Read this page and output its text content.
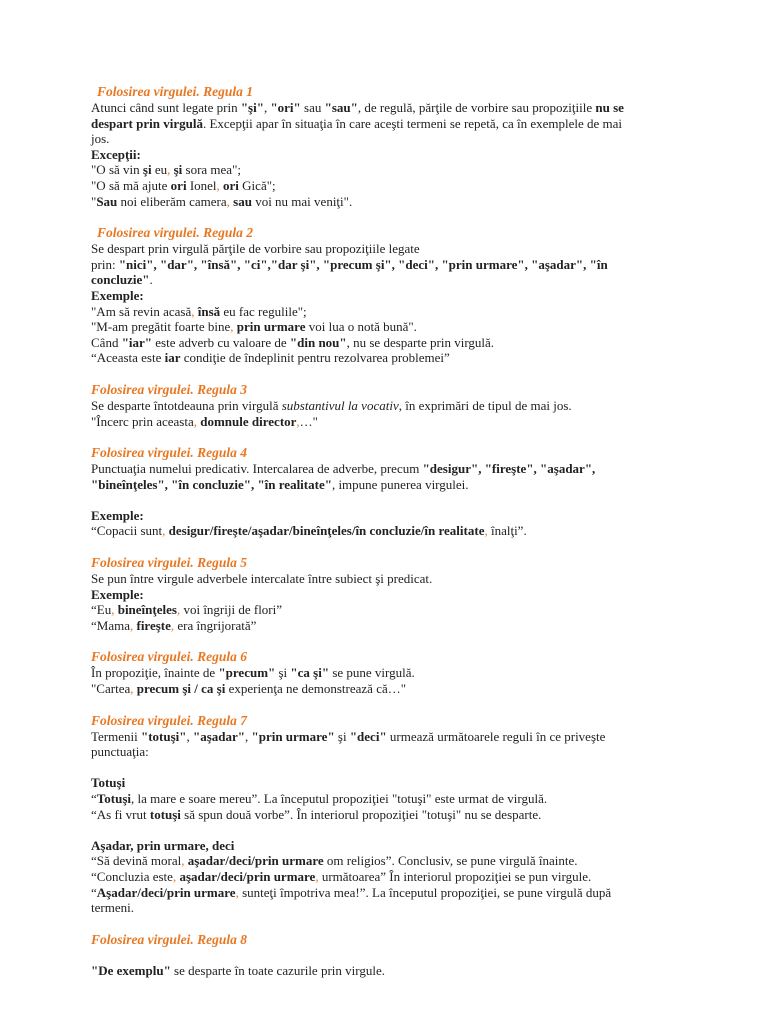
Folosirea virgulei. Regula 1
Atunci când sunt legate prin "şi", "ori" sau "sau", de regulă, părţile de vorbire sau propoziţiile nu se
despart prin virgulă. Excepţii apar în situaţia în care aceşti termeni se repetă, ca în exemplele de mai
jos.
Excepţii:
"O să vin şi eu, şi sora mea";
"O să mă ajute ori Ionel, ori Gică";
"Sau noi eliberăm camera, sau voi nu mai veniţi".
Folosirea virgulei. Regula 2
Se despart prin virgulă părţile de vorbire sau propoziţiile legate
prin: "nici", "dar", "însă", "ci","dar şi", "precum şi", "deci", "prin urmare", "aşadar", "în
concluzie".
Exemple:
"Am să revin acasă, însă eu fac regulile";
"M-am pregătit foarte bine, prin urmare voi lua o notă bună".
Când "iar" este adverb cu valoare de "din nou", nu se desparte prin virgulă.
“Aceasta este iar condiţie de îndeplinit pentru rezolvarea problemei”
Folosirea virgulei. Regula 3
Se desparte întotdeauna prin virgulă substantivul la vocativ, în exprimări de tipul de mai jos.
"Încerc prin aceasta, domnule director,…"
Folosirea virgulei. Regula 4
Punctuaţia numelui predicativ. Intercalarea de adverbe, precum "desigur", "fireşte", "aşadar",
"bineînţeles", "în concluzie", "în realitate", impune punerea virgulei.

Exemple:
“Copacii sunt, desigur/fireşte/aşadar/bineînţeles/în concluzie/în realitate, înalţi”.
Folosirea virgulei. Regula 5
Se pun între virgule adverbele intercalate între subiect şi predicat.
Exemple:
“Eu, bineînţeles, voi îngriji de flori”
“Mama, fireşte, era îngrijorată”
Folosirea virgulei. Regula 6
În propoziţie, înainte de "precum" şi "ca şi" se pune virgulă.
"Cartea, precum şi / ca şi experienţa ne demonstrează că…"
Folosirea virgulei. Regula 7
Termenii "totuşi", "aşadar", "prin urmare" şi "deci" urmează următoarele reguli în ce priveşte
punctuaţia:

Totuşi
“Totuşi, la mare e soare mereu”. La începutul propoziţiei "totuşi" este urmat de virgulă.
“As fi vrut totuşi să spun două vorbe”. În interiorul propoziţiei "totuşi" nu se desparte.

Aşadar, prin urmare, deci
“Să devină moral, aşadar/deci/prin urmare om religios”. Conclusiv, se pune virgulă înainte.
“Concluzia este, aşadar/deci/prin urmare, următoarea” În interiorul propoziţiei se pun virgule.
“Aşadar/deci/prin urmare, sunteţi împotriva mea!”. La începutul propoziţiei, se pune virgulă după
termeni.
Folosirea virgulei. Regula 8

"De exemplu" se desparte în toate cazurile prin virgule.
